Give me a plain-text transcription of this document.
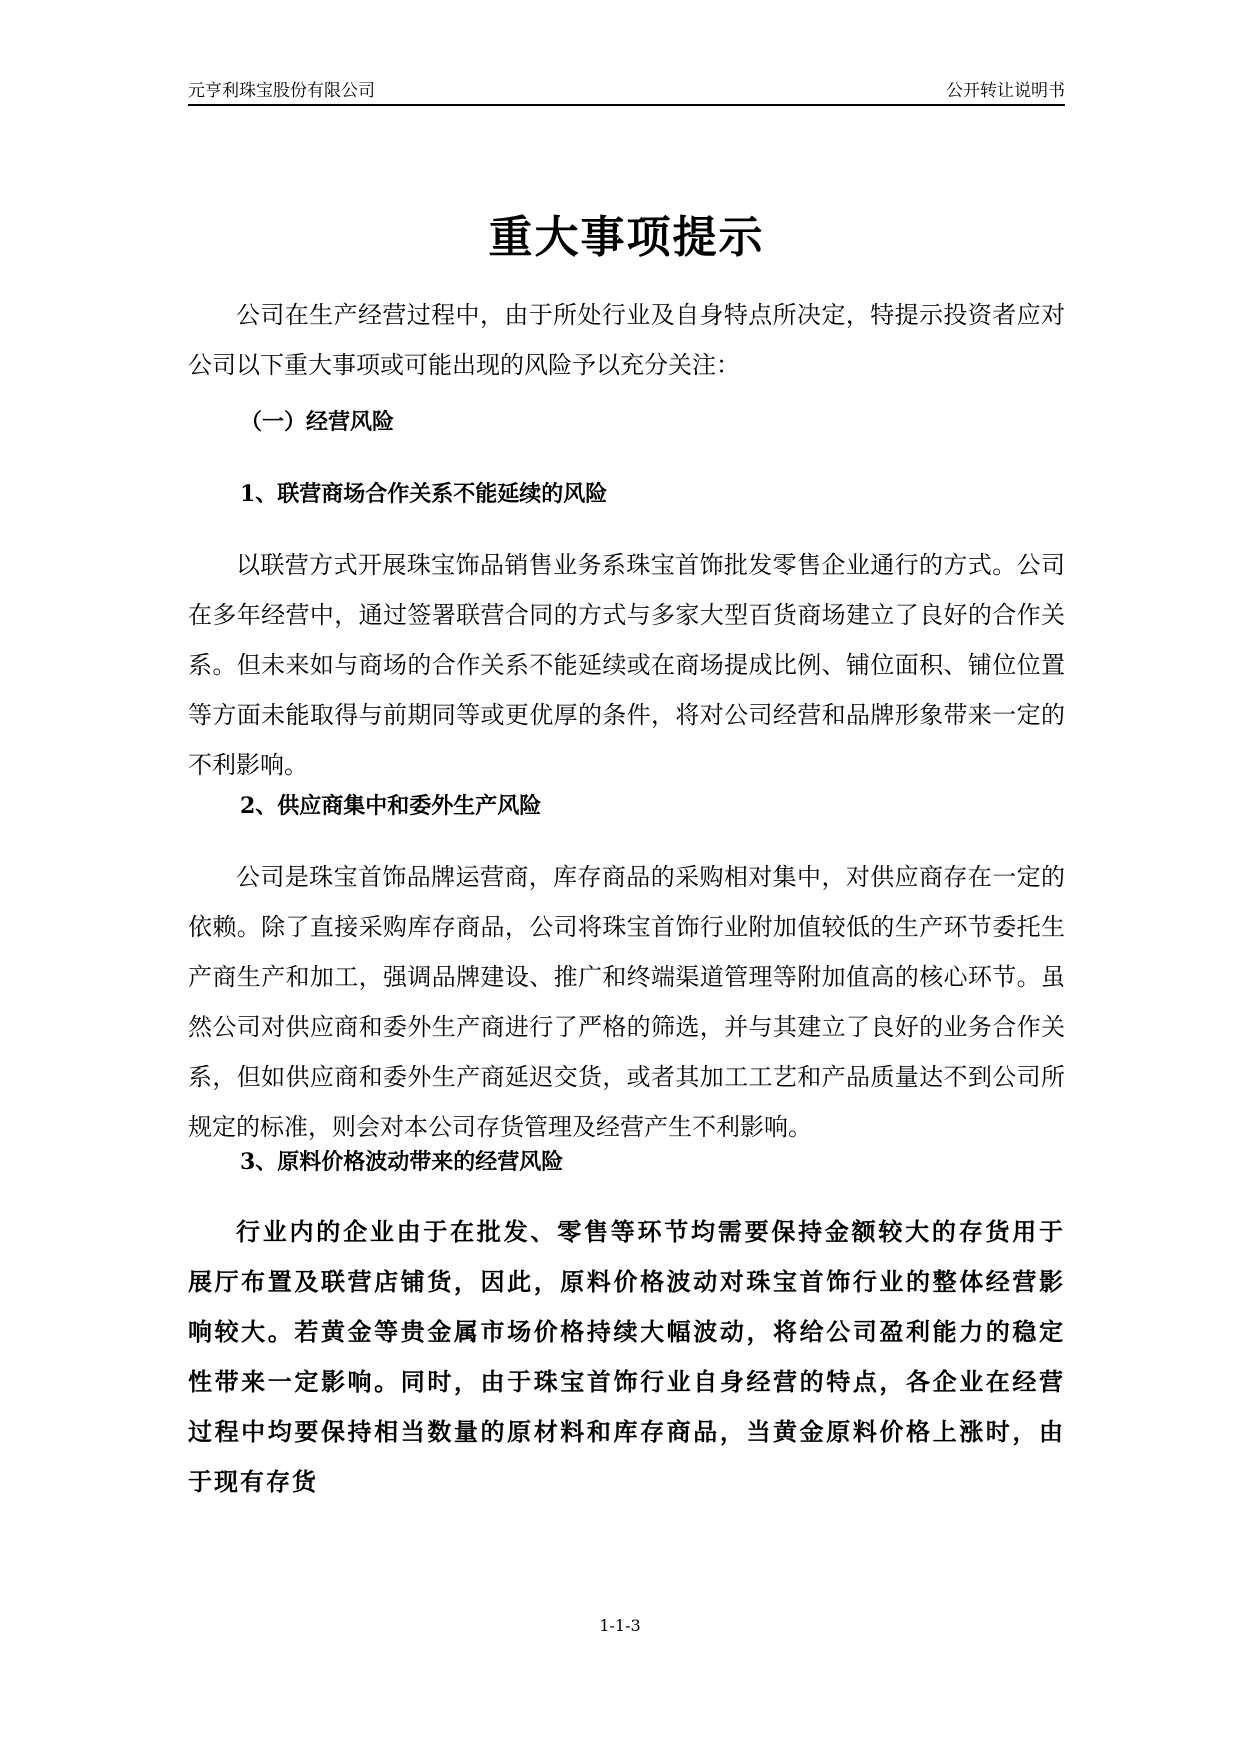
元亨利珠宝股份有限公司	公开转让说明书
重大事项提示

公司在生产经营过程中，由于所处行业及自身特点所决定，特提示投资者应对公司以下重大事项或可能出现的风险予以充分关注：

（一）经营风险

1、联营商场合作关系不能延续的风险

以联营方式开展珠宝饰品销售业务系珠宝首饰批发零售企业通行的方式。公司在多年经营中，通过签署联营合同的方式与多家大型百货商场建立了良好的合作关系。但未来如与商场的合作关系不能延续或在商场提成比例、铺位面积、铺位位置等方面未能取得与前期同等或更优厚的条件，将对公司经营和品牌形象带来一定的不利影响。

2、供应商集中和委外生产风险

公司是珠宝首饰品牌运营商，库存商品的采购相对集中，对供应商存在一定的依赖。除了直接采购库存商品，公司将珠宝首饰行业附加值较低的生产环节委托生产商生产和加工，强调品牌建设、推广和终端渠道管理等附加值高的核心环节。虽然公司对供应商和委外生产商进行了严格的筛选，并与其建立了良好的业务合作关系，但如供应商和委外生产商延迟交货，或者其加工工艺和产品质量达不到公司所规定的标准，则会对本公司存货管理及经营产生不利影响。

3、原料价格波动带来的经营风险

行业内的企业由于在批发、零售等环节均需要保持金额较大的存货用于展厅布置及联营店铺货，因此，原料价格波动对珠宝首饰行业的整体经营影响较大。若黄金等贵金属市场价格持续大幅波动，将给公司盈利能力的稳定性带来一定影响。同时，由于珠宝首饰行业自身经营的特点，各企业在经营过程中均要保持相当数量的原材料和库存商品，当黄金原料价格上涨时，由于现有存货

1-1-3
